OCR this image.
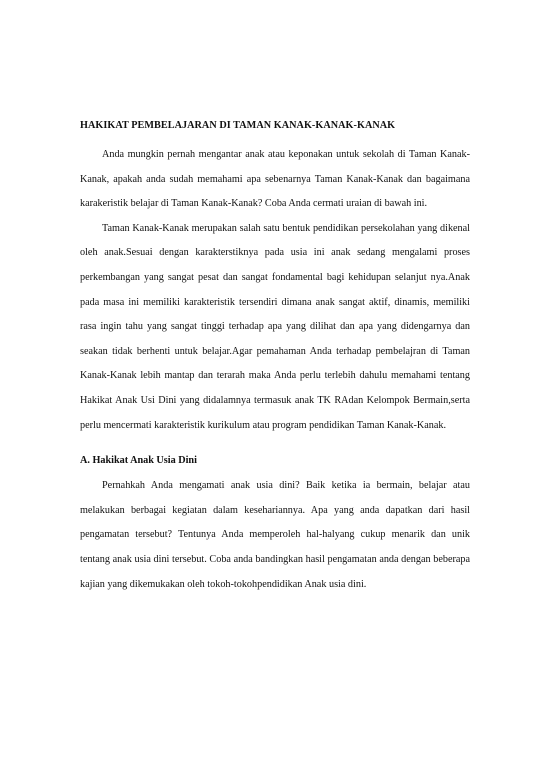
HAKIKAT PEMBELAJARAN DI TAMAN KANAK-KANAK-KANAK

Anda mungkin pernah mengantar anak atau keponakan untuk sekolah di Taman Kanak-Kanak, apakah anda sudah memahami apa sebenarnya Taman Kanak-Kanak dan bagaimana karakeristik belajar di Taman Kanak-Kanak? Coba Anda cermati uraian di bawah ini.

Taman Kanak-Kanak merupakan salah satu bentuk pendidikan persekolahan yang dikenal oleh anak.Sesuai dengan karakterstiknya pada usia ini anak sedang mengalami proses perkembangan yang sangat pesat dan sangat fondamental bagi kehidupan selanjut nya.Anak pada masa ini memiliki karakteristik tersendiri dimana anak sangat aktif, dinamis, memiliki rasa ingin tahu yang sangat tinggi terhadap apa yang dilihat dan apa yang didengarnya dan seakan tidak berhenti untuk belajar.Agar pemahaman Anda terhadap pembelajran di Taman Kanak-Kanak lebih mantap dan terarah maka Anda perlu terlebih dahulu memahami tentang Hakikat Anak Usi Dini yang didalamnya termasuk anak TK RAdan Kelompok Bermain,serta perlu mencermati karakteristik kurikulum atau program pendidikan Taman Kanak-Kanak.

A. Hakikat Anak Usia Dini

Pernahkah Anda mengamati anak usia dini? Baik ketika ia bermain, belajar atau melakukan berbagai kegiatan dalam kesehariannya. Apa yang anda dapatkan dari hasil pengamatan tersebut? Tentunya Anda memperoleh hal-halyang cukup menarik dan unik tentang anak usia dini tersebut. Coba anda bandingkan hasil pengamatan anda dengan beberapa kajian yang dikemukakan oleh tokoh-tokohpendidikan Anak usia dini.
